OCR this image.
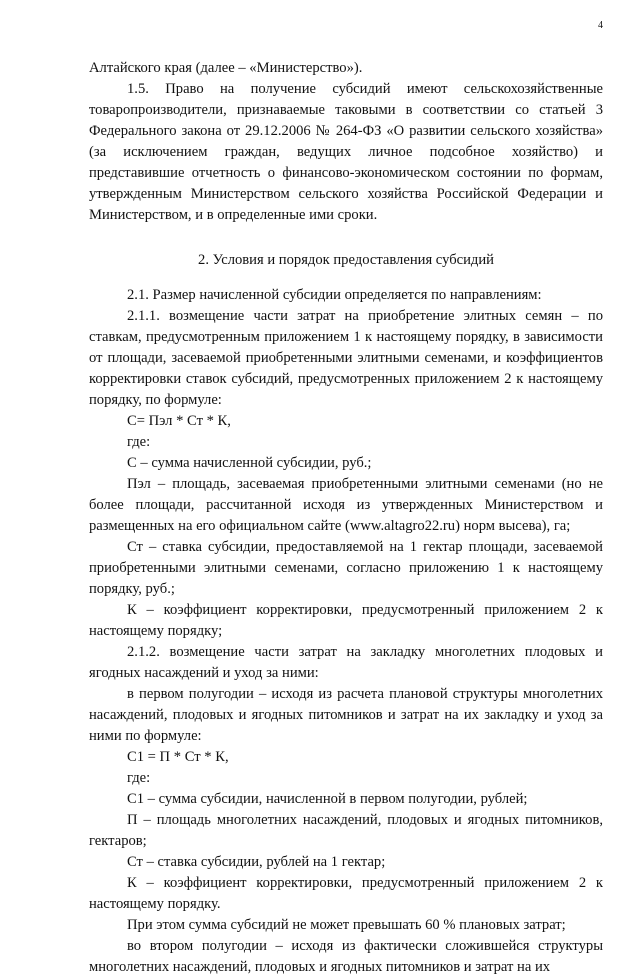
4

Алтайского края (далее – «Министерство»).

1.5. Право на получение субсидий имеют сельскохозяйственные товаропроизводители, признаваемые таковыми в соответствии со статьей 3 Федерального закона от 29.12.2006 № 264-ФЗ «О развитии сельского хозяйства» (за исключением граждан, ведущих личное подсобное хозяйство) и представившие отчетность о финансово-экономическом состоянии по формам, утвержденным Министерством сельского хозяйства Российской Федерации и Министерством, и в определенные ими сроки.

2. Условия и порядок предоставления субсидий

2.1. Размер начисленной субсидии определяется по направлениям:

2.1.1. возмещение части затрат на приобретение элитных семян – по ставкам, предусмотренным приложением 1 к настоящему порядку, в зависимости от площади, засеваемой приобретенными элитными семенами, и коэффициентов корректировки ставок субсидий, предусмотренных приложением 2 к настоящему порядку, по формуле:

С= Пэл * Ст * К,

где:

С – сумма начисленной субсидии, руб.;

Пэл – площадь, засеваемая приобретенными элитными семенами (но не более площади, рассчитанной исходя из утвержденных Министерством и размещенных на его официальном сайте (www.altagro22.ru) норм высева), га;

Ст – ставка субсидии, предоставляемой на 1 гектар площади, засеваемой приобретенными элитными семенами, согласно приложению 1 к настоящему порядку, руб.;

К – коэффициент корректировки, предусмотренный приложением 2 к настоящему порядку;

2.1.2. возмещение части затрат на закладку многолетних плодовых и ягодных насаждений и уход за ними:

в первом полугодии – исходя из расчета плановой структуры многолетних насаждений, плодовых и ягодных питомников и затрат на их закладку и уход за ними по формуле:

С1 = П * Ст * К,

где:

С1 – сумма субсидии, начисленной в первом полугодии, рублей;

П – площадь многолетних насаждений, плодовых и ягодных питомников, гектаров;

Ст – ставка субсидии, рублей на 1 гектар;

К – коэффициент корректировки, предусмотренный приложением 2 к настоящему порядку.

При этом сумма субсидий не может превышать 60 % плановых затрат;

во втором полугодии – исходя из фактически сложившейся структуры многолетних насаждений, плодовых и ягодных питомников и затрат на их
